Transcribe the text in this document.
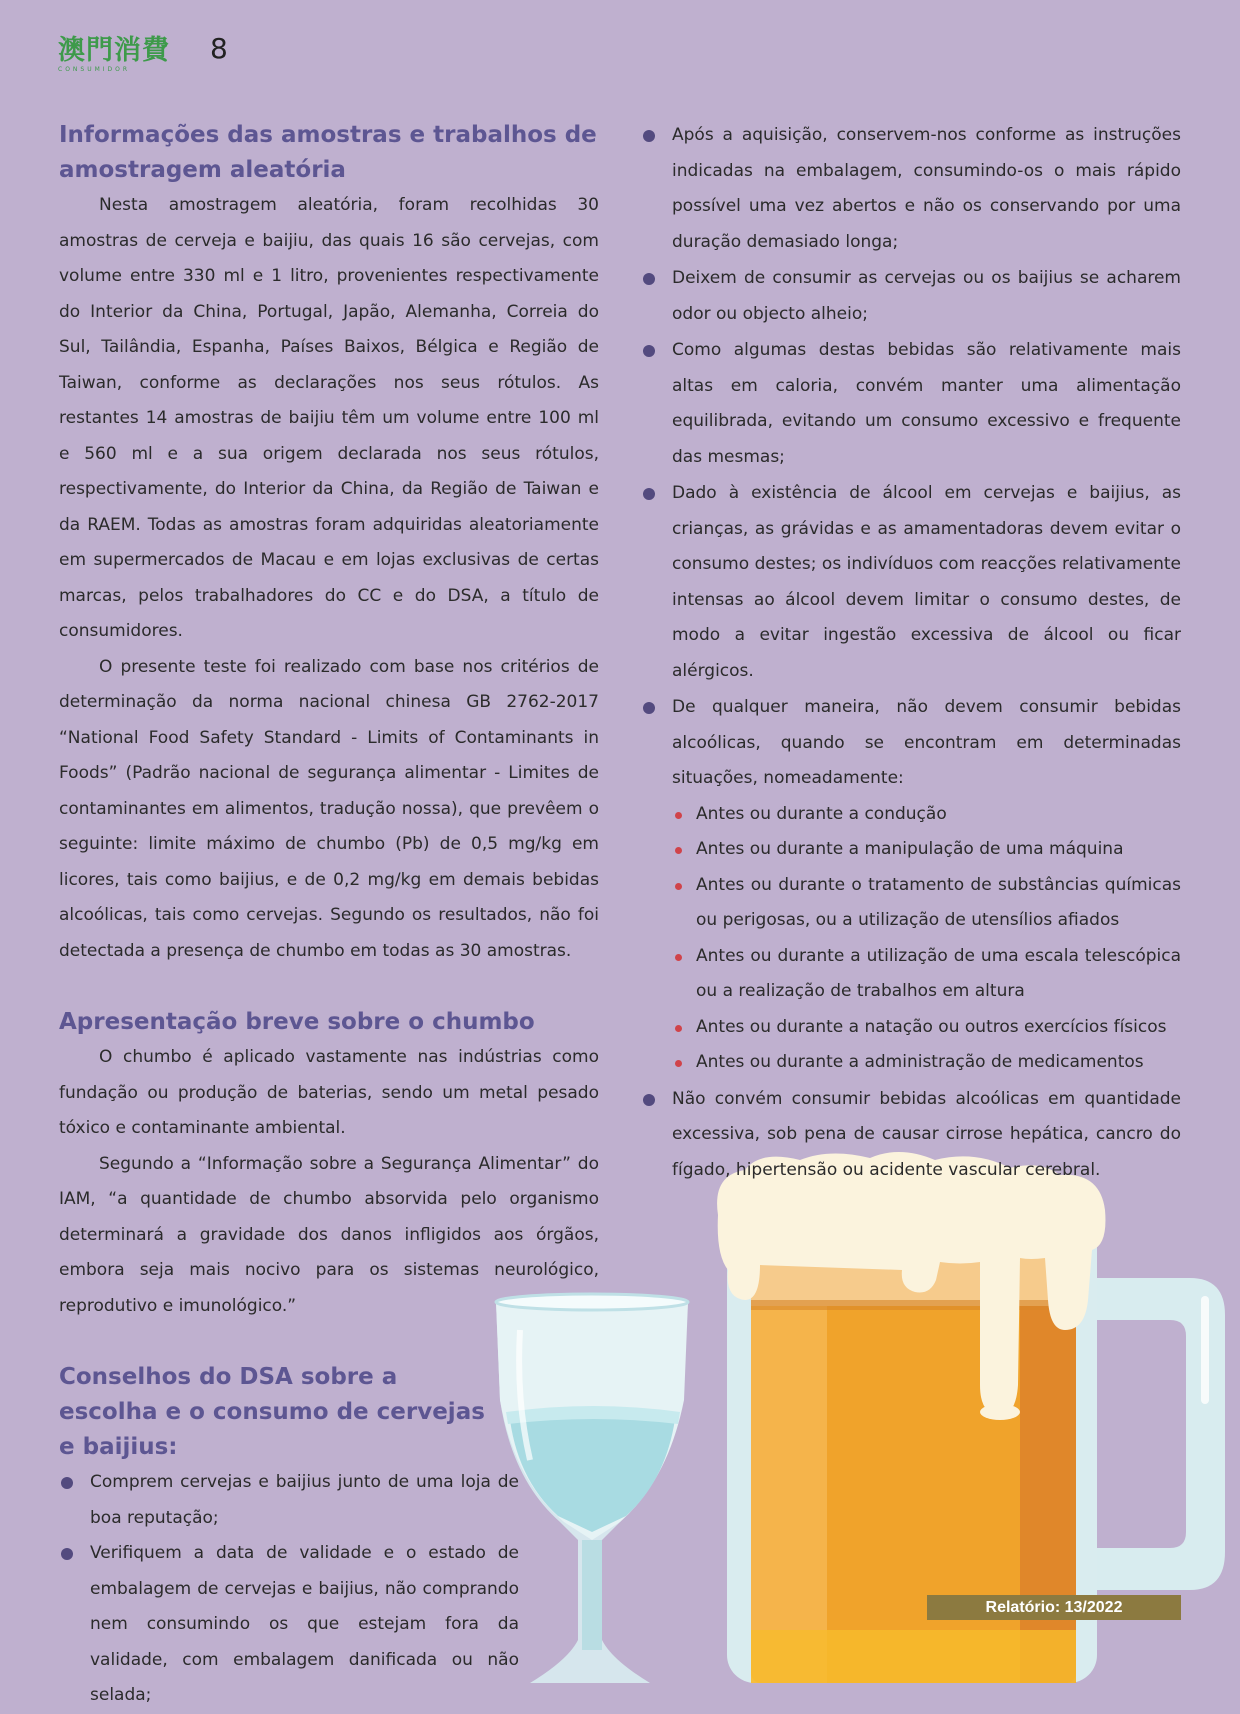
澳門消費
CONSUMIDOR
8
Informações das amostras e trabalhos de amostragem aleatória

Nesta amostragem aleatória, foram recolhidas 30 amostras de cerveja e baijiu, das quais 16 são cervejas, com volume entre 330 ml e 1 litro, provenientes respectivamente do Interior da China, Portugal, Japão, Alemanha, Correia do Sul, Tailândia, Espanha, Países Baixos, Bélgica e Região de Taiwan, conforme as declarações nos seus rótulos. As restantes 14 amostras de baijiu têm um volume entre 100 ml e 560 ml e a sua origem declarada nos seus rótulos, respectivamente, do Interior da China, da Região de Taiwan e da RAEM. Todas as amostras foram adquiridas aleatoriamente em supermercados de Macau e em lojas exclusivas de certas marcas, pelos trabalhadores do CC e do DSA, a título de consumidores.

O presente teste foi realizado com base nos critérios de determinação da norma nacional chinesa GB 2762-2017 “National Food Safety Standard - Limits of Contaminants in Foods” (Padrão nacional de segurança alimentar - Limites de contaminantes em alimentos, tradução nossa), que prevêem o seguinte: limite máximo de chumbo (Pb) de 0,5 mg/kg em licores, tais como baijius, e de 0,2 mg/kg em demais bebidas alcoólicas, tais como cervejas. Segundo os resultados, não foi detectada a presença de chumbo em todas as 30 amostras.

Apresentação breve sobre o chumbo

O chumbo é aplicado vastamente nas indústrias como fundação ou produção de baterias, sendo um metal pesado tóxico e contaminante ambiental.

Segundo a “Informação sobre a Segurança Alimentar” do IAM, “a quantidade de chumbo absorvida pelo organismo determinará a gravidade dos danos infligidos aos órgãos, embora seja mais nocivo para os sistemas neurológico, reprodutivo e imunológico.”

Conselhos do DSA sobre a escolha e o consumo de cervejas e baijius:
Comprem cervejas e baijius junto de uma loja de boa reputação;
Verifiquem a data de validade e o estado de embalagem de cervejas e baijius, não comprando nem consumindo os que estejam fora da validade, com embalagem danificada ou não selada;
Após a aquisição, conservem-nos conforme as instruções indicadas na embalagem, consumindo-os o mais rápido possível uma vez abertos e não os conservando por uma duração demasiado longa;
Deixem de consumir as cervejas ou os baijius se acharem odor ou objecto alheio;
Como algumas destas bebidas são relativamente mais altas em caloria, convém manter uma alimentação equilibrada, evitando um consumo excessivo e frequente das mesmas;
Dado à existência de álcool em cervejas e baijius, as crianças, as grávidas e as amamentadoras devem evitar o consumo destes; os indivíduos com reacções relativamente intensas ao álcool devem limitar o consumo destes, de modo a evitar ingestão excessiva de álcool ou ficar alérgicos.
De qualquer maneira, não devem consumir bebidas alcoólicas, quando se encontram em determinadas situações, nomeadamente:
Antes ou durante a condução
Antes ou durante a manipulação de uma máquina
Antes ou durante o tratamento de substâncias químicas ou perigosas, ou a utilização de utensílios afiados
Antes ou durante a utilização de uma escala telescópica ou a realização de trabalhos em altura
Antes ou durante a natação ou outros exercícios físicos
Antes ou durante a administração de medicamentos
Não convém consumir bebidas alcoólicas em quantidade excessiva, sob pena de causar cirrose hepática, cancro do fígado, hipertensão ou acidente vascular cerebral.
Relatório: 13/2022
